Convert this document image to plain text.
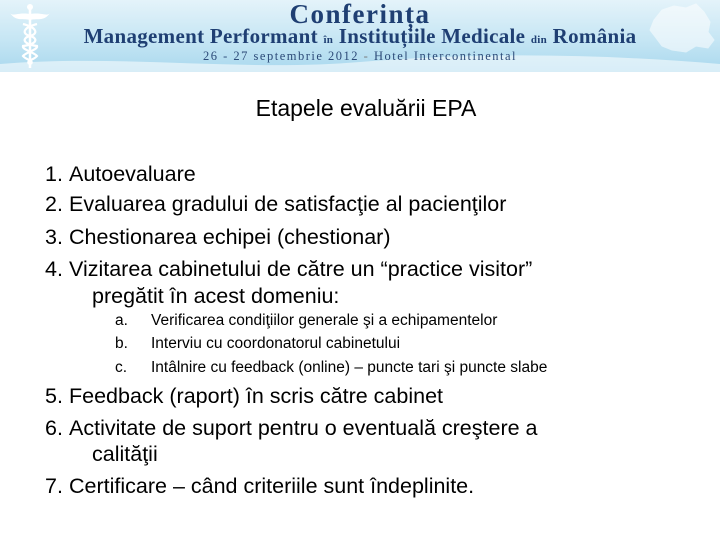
Conferința
Management Performant în Instituțiile Medicale din România
26 - 27 septembrie 2012 - Hotel Intercontinental
Etapele evaluării EPA
1. Autoevaluare
2. Evaluarea gradului de satisfacţie al pacienţilor
3. Chestionarea echipei (chestionar)
4. Vizitarea cabinetului de către un “practice visitor”
pregătit în acest domeniu:
a. Verificarea condiţiilor generale şi a echipamentelor
b. Interviu cu coordonatorul cabinetului
c. Intâlnire cu feedback (online) – puncte tari şi puncte slabe
5. Feedback (raport) în scris către cabinet
6. Activitate de suport pentru o eventuală creştere a
calităţii
7. Certificare – când criteriile sunt îndeplinite.
